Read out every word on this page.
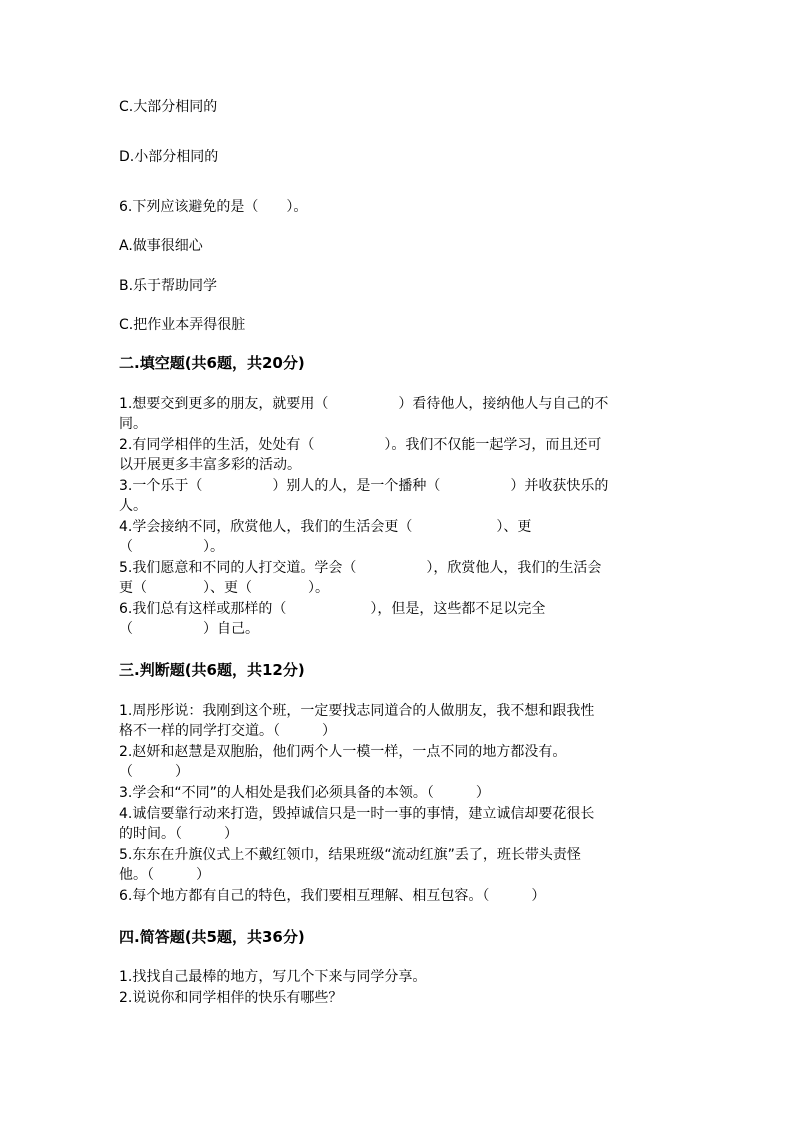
C.大部分相同的
D.小部分相同的
6.下列应该避免的是（　　）。
A.做事很细心
B.乐于帮助同学
C.把作业本弄得很脏
二.填空题(共6题，共20分)
1.想要交到更多的朋友，就要用（　　　　　）看待他人，接纳他人与自己的不
同。
2.有同学相伴的生活，处处有（　　　　　）。我们不仅能一起学习，而且还可
以开展更多丰富多彩的活动。
3.一个乐于（　　　　　）别人的人，是一个播种（　　　　　）并收获快乐的
人。
4.学会接纳不同，欣赏他人，我们的生活会更（　　　　　　）、更
（　　　　　）。
5.我们愿意和不同的人打交道。学会（　　　　　），欣赏他人，我们的生活会
更（　　　　）、更（　　　　）。
6.我们总有这样或那样的（　　　　　　），但是，这些都不足以完全
（　　　　　）自己。
三.判断题(共6题，共12分)
1.周彤彤说：我刚到这个班，一定要找志同道合的人做朋友，我不想和跟我性
格不一样的同学打交道。（　　　）
2.赵妍和赵慧是双胞胎，他们两个人一模一样，一点不同的地方都没有。
（　　　）
3.学会和“不同”的人相处是我们必须具备的本领。（　　　）
4.诚信要靠行动来打造，毁掉诚信只是一时一事的事情，建立诚信却要花很长
的时间。（　　　）
5.东东在升旗仪式上不戴红领巾，结果班级“流动红旗”丢了，班长带头责怪
他。（　　　）
6.每个地方都有自己的特色，我们要相互理解、相互包容。（　　　）
四.简答题(共5题，共36分)
1.找找自己最棒的地方，写几个下来与同学分享。
2.说说你和同学相伴的快乐有哪些？
